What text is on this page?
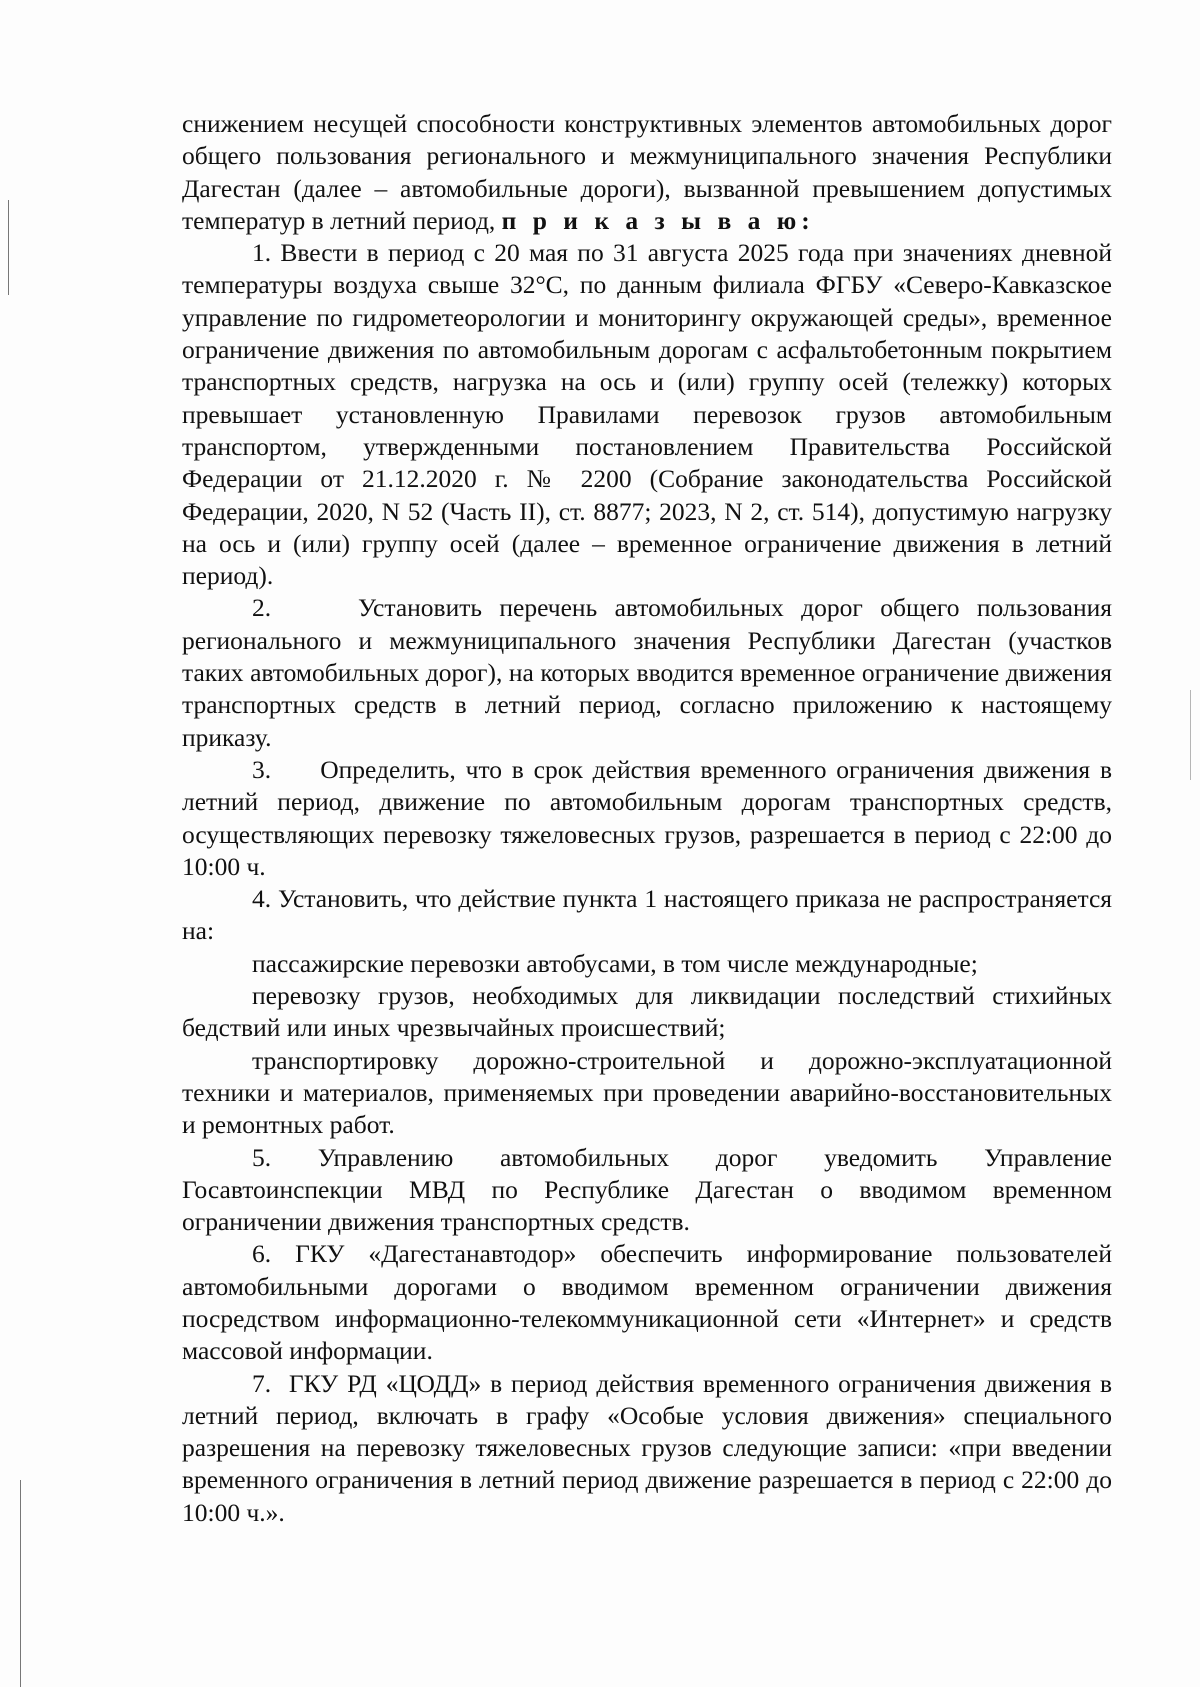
снижением несущей способности конструктивных элементов автомобильных дорог общего пользования регионального и межмуниципального значения Республики Дагестан (далее – автомобильные дороги), вызванной превышением допустимых температур в летний период, п р и к а з ы в а ю:

1. Ввести в период с 20 мая по 31 августа 2025 года при значениях дневной температуры воздуха свыше 32°С, по данным филиала ФГБУ «Северо-Кавказское управление по гидрометеорологии и мониторингу окружающей среды», временное ограничение движения по автомобильным дорогам с асфальтобетонным покрытием транспортных средств, нагрузка на ось и (или) группу осей (тележку) которых превышает установленную Правилами перевозок грузов автомобильным транспортом, утвержденными постановлением Правительства Российской Федерации от 21.12.2020 г. № 2200 (Собрание законодательства Российской Федерации, 2020, N 52 (Часть II), ст. 8877; 2023, N 2, ст. 514), допустимую нагрузку на ось и (или) группу осей (далее – временное ограничение движения в летний период).

2.     Установить перечень автомобильных дорог общего пользования регионального и межмуниципального значения Республики Дагестан (участков таких автомобильных дорог), на которых вводится временное ограничение движения транспортных средств в летний период, согласно приложению к настоящему приказу.

3.     Определить, что в срок действия временного ограничения движения в летний период, движение по автомобильным дорогам транспортных средств, осуществляющих перевозку тяжеловесных грузов, разрешается в период с 22:00 до 10:00 ч.

4. Установить, что действие пункта 1 настоящего приказа не распространяется на:

пассажирские перевозки автобусами, в том числе международные;

перевозку грузов, необходимых для ликвидации последствий стихийных бедствий или иных чрезвычайных происшествий;

транспортировку дорожно-строительной и дорожно-эксплуатационной техники и материалов, применяемых при проведении аварийно-восстановительных и ремонтных работ.

5. Управлению автомобильных дорог уведомить Управление Госавтоинспекции МВД по Республике Дагестан о вводимом временном ограничении движения транспортных средств.

6. ГКУ «Дагестанавтодор» обеспечить информирование пользователей автомобильными дорогами о вводимом временном ограничении движения посредством информационно-телекоммуникационной сети «Интернет» и средств массовой информации.

7.  ГКУ РД «ЦОДД» в период действия временного ограничения движения в летний период, включать в графу «Особые условия движения» специального разрешения на перевозку тяжеловесных грузов следующие записи: «при введении временного ограничения в летний период движение разрешается в период с 22:00 до 10:00 ч.».
